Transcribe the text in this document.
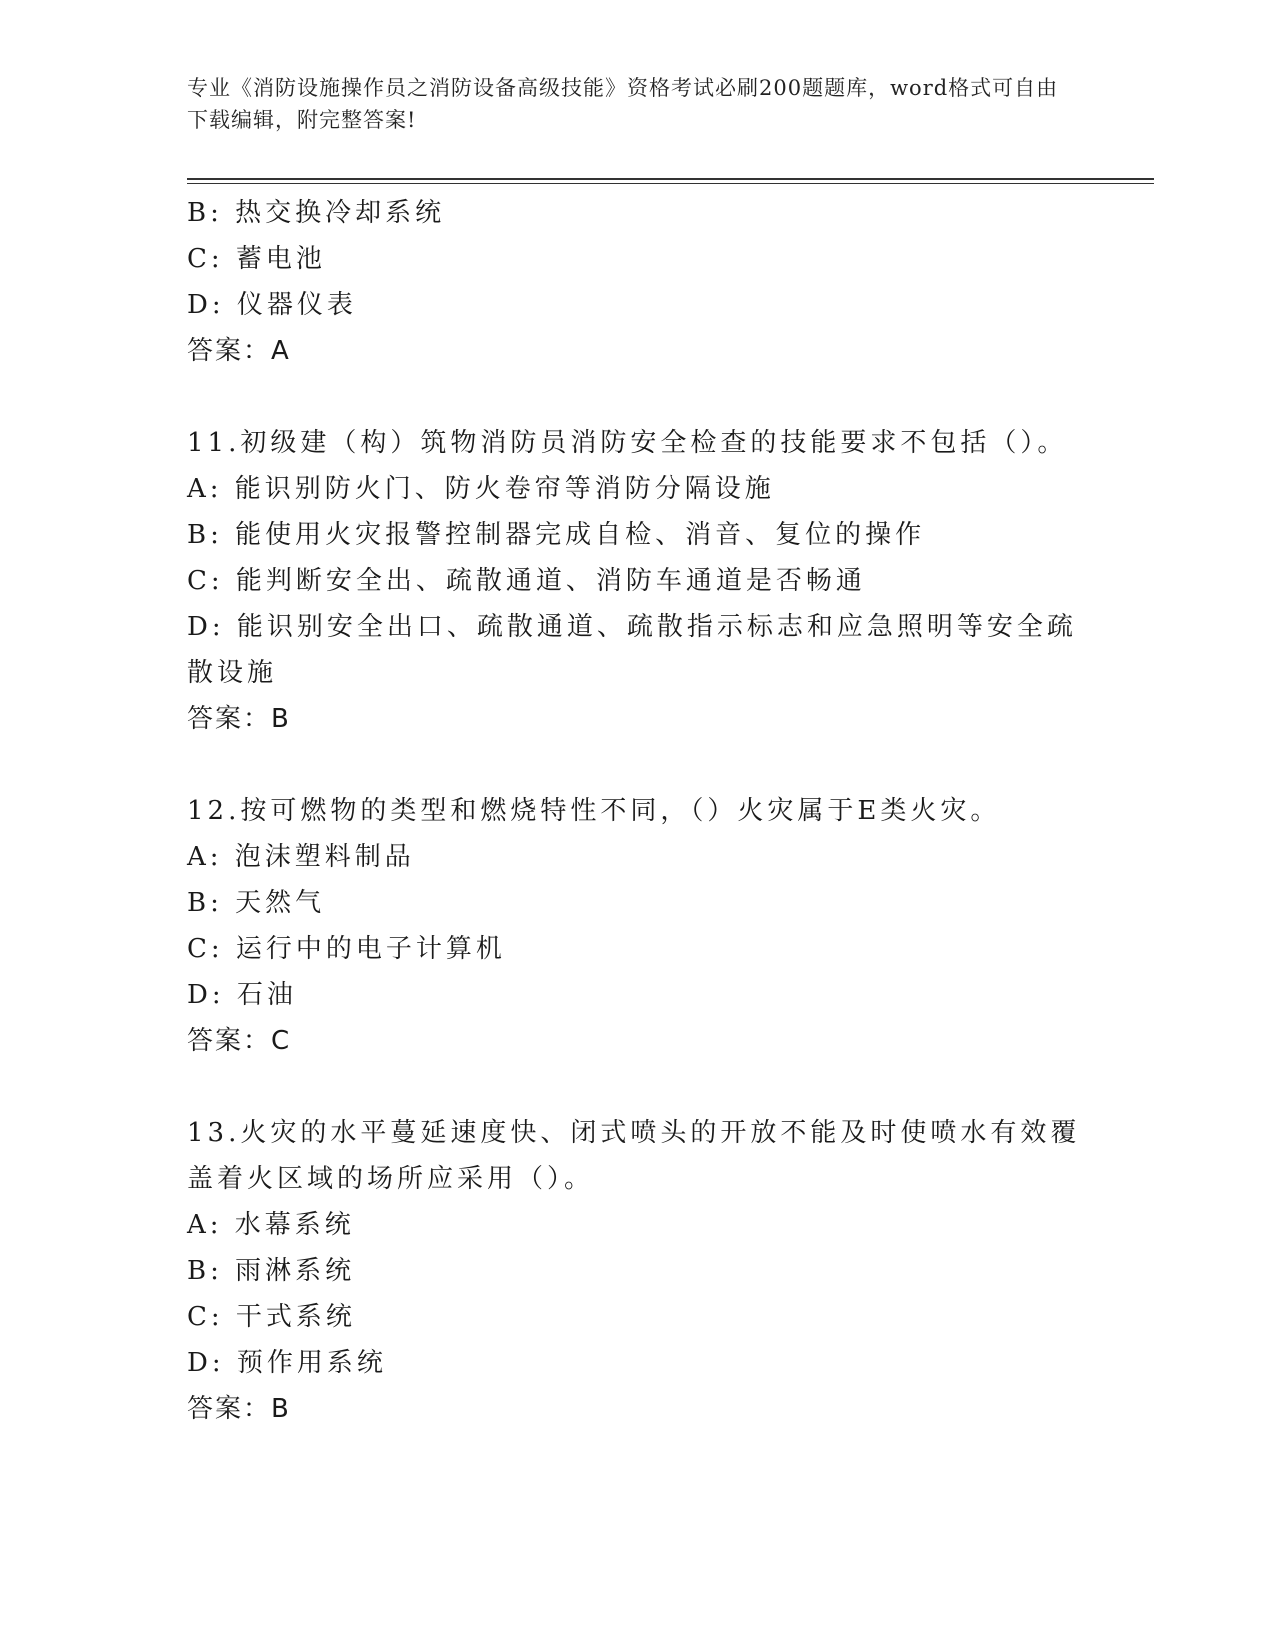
专业《消防设施操作员之消防设备高级技能》资格考试必刷200题题库，word格式可自由下载编辑，附完整答案!
B: 热交换冷却系统
C: 蓄电池
D: 仪器仪表
答案：A
11.初级建（构）筑物消防员消防安全检查的技能要求不包括（）。
A: 能识别防火门、防火卷帘等消防分隔设施
B: 能使用火灾报警控制器完成自检、消音、复位的操作
C: 能判断安全出、疏散通道、消防车通道是否畅通
D: 能识别安全出口、疏散通道、疏散指示标志和应急照明等安全疏散设施
答案：B
12.按可燃物的类型和燃烧特性不同，（）火灾属于E类火灾。
A: 泡沫塑料制品
B: 天然气
C: 运行中的电子计算机
D: 石油
答案：C
13.火灾的水平蔓延速度快、闭式喷头的开放不能及时使喷水有效覆盖着火区域的场所应采用（）。
A: 水幕系统
B: 雨淋系统
C: 干式系统
D: 预作用系统
答案：B
